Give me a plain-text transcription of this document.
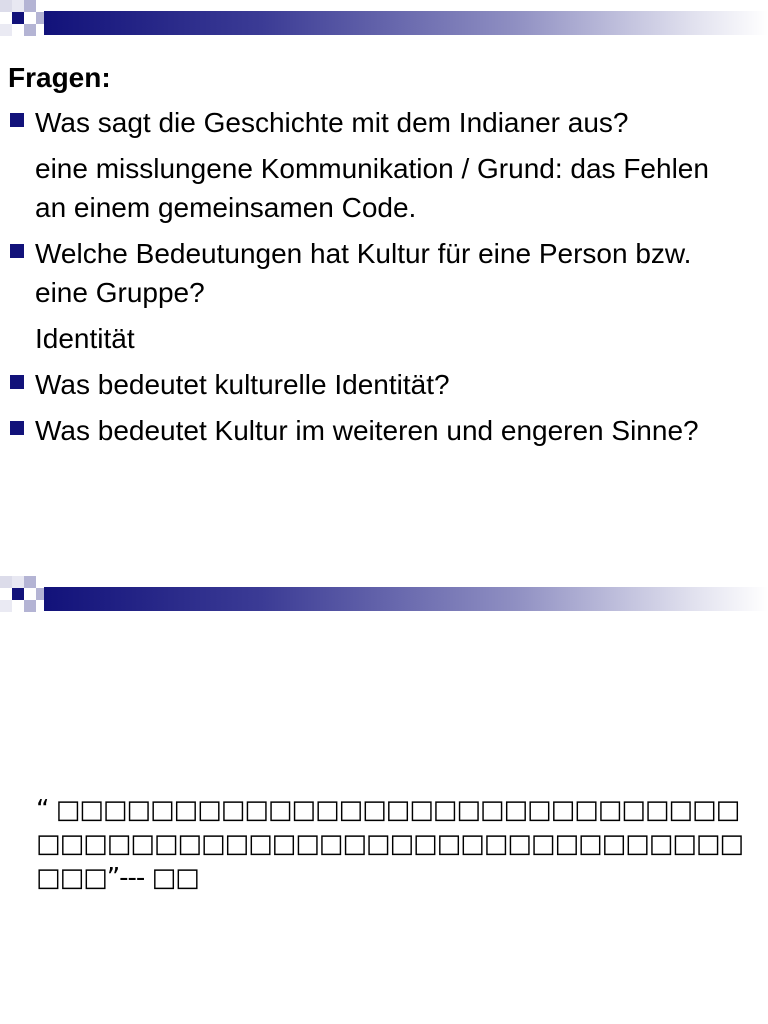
Fragen:
Was sagt die Geschichte mit dem Indianer aus?
eine misslungene Kommunikation / Grund: das Fehlen an einem gemeinsamen Code.
Welche Bedeutungen hat Kultur für eine Person bzw. eine Gruppe?
Identität
Was bedeutet kulturelle Identität?
Was bedeutet Kultur im weiteren und engeren Sinne?

“ □□□□□□□□□□□□□□□□□□□□□□□□□□□□□□□□□□□□□□□□□□□□□□□□□□□□□□□□□□□□□□”--- □□
